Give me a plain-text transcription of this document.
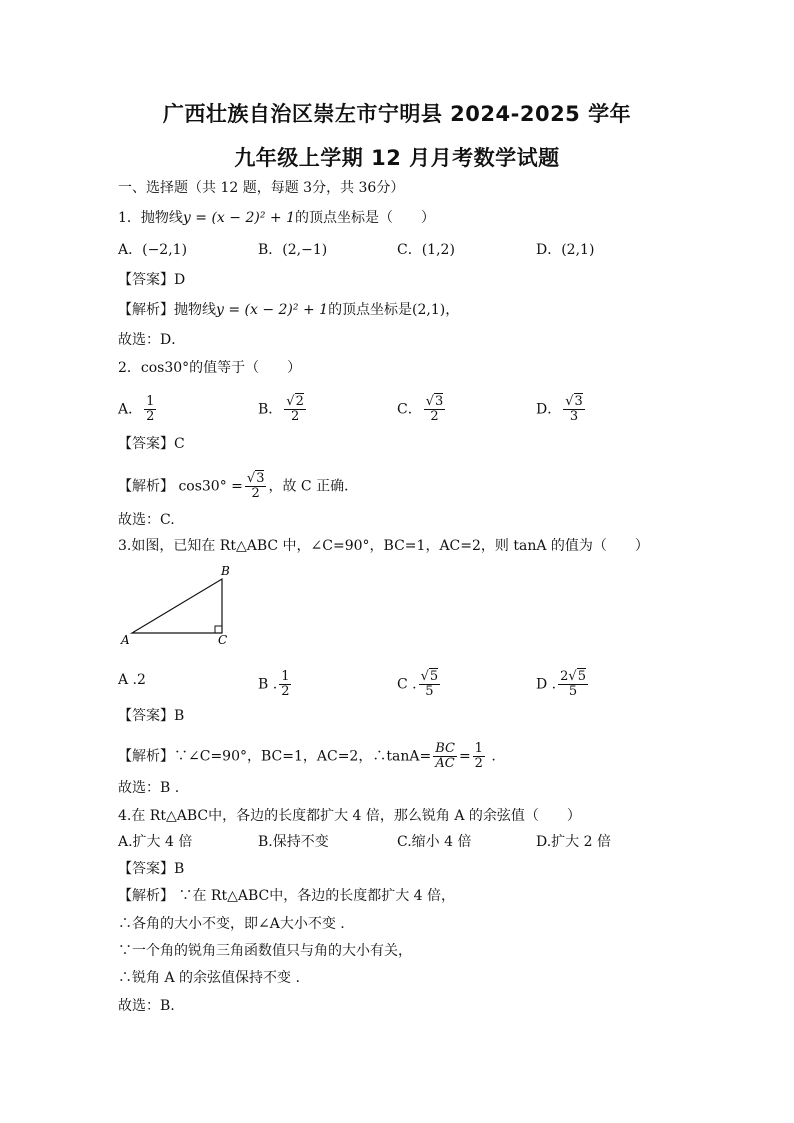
广西壮族自治区崇左市宁明县 2024-2025 学年
九年级上学期 12 月月考数学试题
一、选择题（共 12 题，每题 3分，共 36分）
1．抛物线y = (x − 2)² + 1的顶点坐标是（　　）
A．(−2,1)	B．(2,−1)	C．(1,2)	D．(2,1)
【答案】D
【解析】抛物线y = (x − 2)² + 1的顶点坐标是(2,1)，
故选：D．
2．cos30°的值等于（　　）
A． $\frac{1}{2}$	B． $\frac{√2}{2}$	C． $\frac{√3}{2}$	D． $\frac{√3}{3}$
【答案】C
【解析】 $\cos 30^\circ = \frac{√3}{2}$ ，故 C 正确．
故选：C.
3.如图，已知在 Rt△ABC 中，∠C=90°，BC=1，AC=2，则 tanA 的值为（　　）
A
B
C
A .2	B . $\frac{1}{2}$	C . $\frac{√5}{5}$	D . $\frac{2√5}{5}$
【答案】B
【解析】∵∠C=90°，BC=1，AC=2，∴tanA= $\frac{BC}{AC} = \frac{1}{2}$ .
故选：B .
4.在 Rt△ABC中，各边的长度都扩大 4 倍，那么锐角 A 的余弦值（　　）
A.扩大 4 倍	B.保持不变	C.缩小 4 倍	D.扩大 2 倍
【答案】B
【解析】 ∵在 Rt△ABC中，各边的长度都扩大 4 倍，
∴各角的大小不变，即∠A大小不变 .
∵一个角的锐角三角函数值只与角的大小有关，
∴锐角 A 的余弦值保持不变 .
故选：B.
